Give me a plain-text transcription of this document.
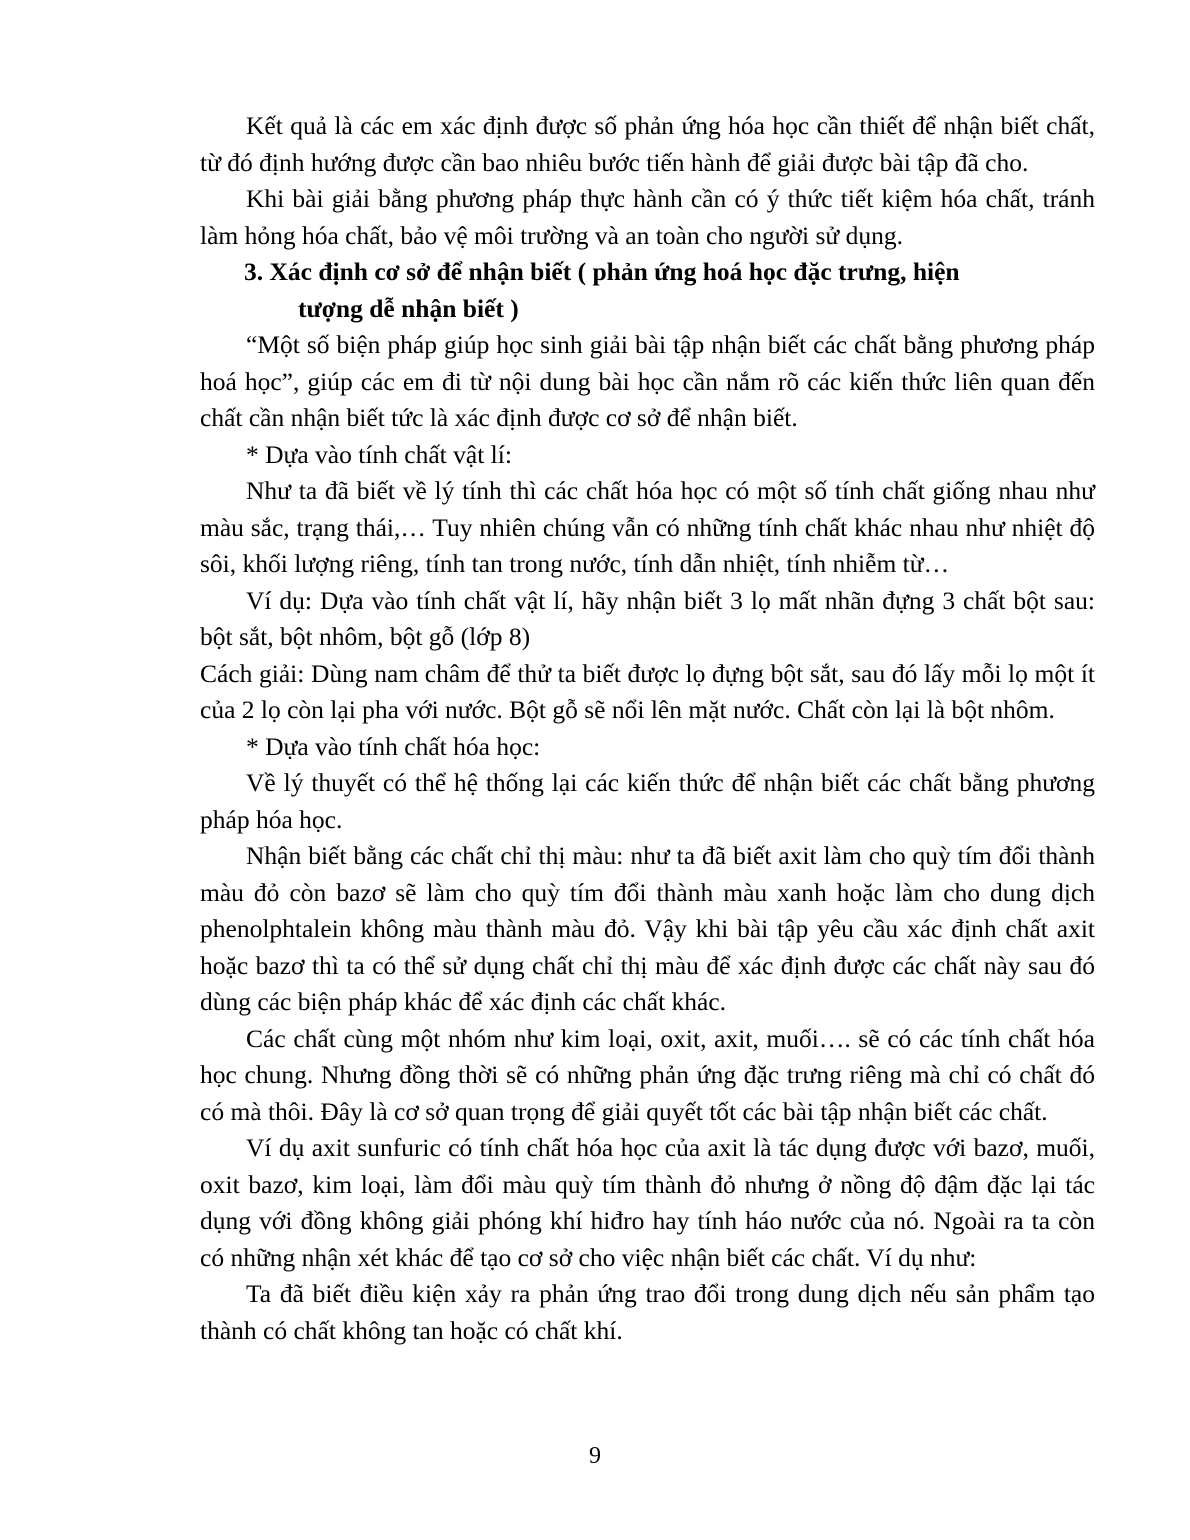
Kết quả là các em xác định được số phản ứng hóa học cần thiết để nhận biết chất, từ đó định hướng được cần bao nhiêu bước tiến hành để giải được bài tập đã cho.

Khi bài giải bằng phương pháp thực hành cần có ý thức tiết kiệm hóa chất, tránh làm hỏng hóa chất, bảo vệ môi trường và an toàn cho người sử dụng.

3. Xác định cơ sở để nhận biết ( phản ứng hoá học đặc trưng, hiện

tượng dễ nhận biết )

“Một số biện pháp giúp học sinh giải bài tập nhận biết các chất bằng phương pháp hoá học”, giúp các em đi từ nội dung bài học cần nắm rõ các kiến thức liên quan đến chất cần nhận biết tức là xác định được cơ sở để nhận biết.

* Dựa vào tính chất vật lí:

Như ta đã biết về lý tính thì các chất hóa học có một số tính chất giống nhau như màu sắc, trạng thái,… Tuy nhiên chúng vẫn có những tính chất khác nhau như nhiệt độ sôi, khối lượng riêng, tính tan trong nước, tính dẫn nhiệt, tính nhiễm từ…

Ví dụ: Dựa vào tính chất vật lí, hãy nhận biết 3 lọ mất nhãn đựng 3 chất bột sau: bột sắt, bột nhôm, bột gỗ (lớp 8)

Cách giải: Dùng nam châm để thử ta biết được lọ đựng bột sắt, sau đó lấy mỗi lọ một ít của 2 lọ còn lại pha với nước. Bột gỗ sẽ nổi lên mặt nước. Chất còn lại là bột nhôm.

* Dựa vào tính chất hóa học:

Về lý thuyết có thể hệ thống lại các kiến thức để nhận biết các chất bằng phương pháp hóa học.

Nhận biết bằng các chất chỉ thị màu: như ta đã biết axit làm cho quỳ tím đổi thành màu đỏ còn bazơ sẽ làm cho quỳ tím đổi thành màu xanh hoặc làm cho dung dịch phenolphtalein không màu thành màu đỏ. Vậy khi bài tập yêu cầu xác định chất axit hoặc bazơ thì ta có thể sử dụng chất chỉ thị màu để xác định được các chất này sau đó dùng các biện pháp khác để xác định các chất khác.

Các chất cùng một nhóm như kim loại, oxit, axit, muối…. sẽ có các tính chất hóa học chung. Nhưng đồng thời sẽ có những phản ứng đặc trưng riêng mà chỉ có chất đó có mà thôi. Đây là cơ sở quan trọng để giải quyết tốt các bài tập nhận biết các chất.

Ví dụ axit sunfuric có tính chất hóa học của axit là tác dụng được với bazơ, muối, oxit bazơ, kim loại, làm đổi màu quỳ tím thành đỏ nhưng ở nồng độ đậm đặc lại tác dụng với đồng không giải phóng khí hiđro hay tính háo nước của nó. Ngoài ra ta còn có những nhận xét khác để tạo cơ sở cho việc nhận biết các chất. Ví dụ như:

Ta đã biết điều kiện xảy ra phản ứng trao đổi trong dung dịch nếu sản phẩm tạo thành có chất không tan hoặc có chất khí.

9
